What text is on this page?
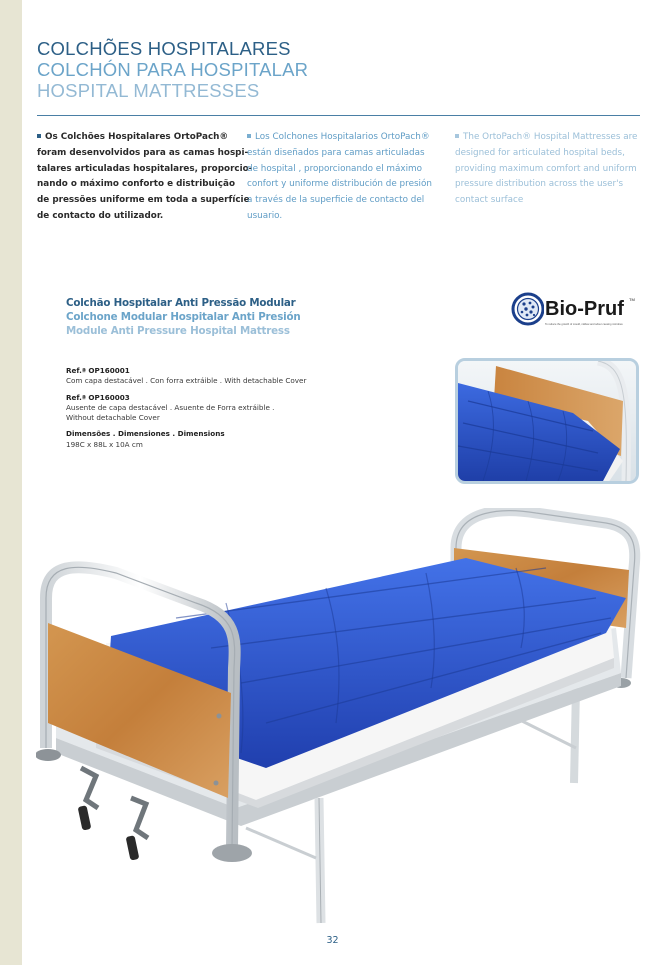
COLCHÕES HOSPITALARES
COLCHÓN PARA HOSPITALAR
HOSPITAL MATTRESSES
Os Colchões Hospitalares OrtoPach®
foram desenvolvidos para as camas hospi-
talares articuladas hospitalares, proporcio-
nando o máximo conforto e distribuição
de pressões uniforme em toda a superfície
de contacto do utilizador.
Los Colchones Hospitalarios OrtoPach®
están diseñados para camas articuladas
de hospital , proporcionando el máximo
confort y uniforme distribución de presión
a través de la superficie de contacto del
usuario.
The OrtoPach® Hospital Mattresses are
designed for articulated hospital beds,
providing maximum comfort and uniform
pressure distribution across the user's
contact surface
Colchão Hospitalar Anti Pressão Modular
Colchone Modular Hospitalar Anti Presión
Module Anti Pressure Hospital Mattress
Ref.ª OP160001
Com capa destacável . Con forra extráible . With detachable Cover
Ref.ª OP160003
Ausente de capa destacável . Asuente de Forra extráible .
Without detachable Cover
Dimensões . Dimensiones . Dimensions
198C x 88L x 10A cm
Bio-Pruf TM
To reduce the growth of mould, mildew and odour causing microbes
32
